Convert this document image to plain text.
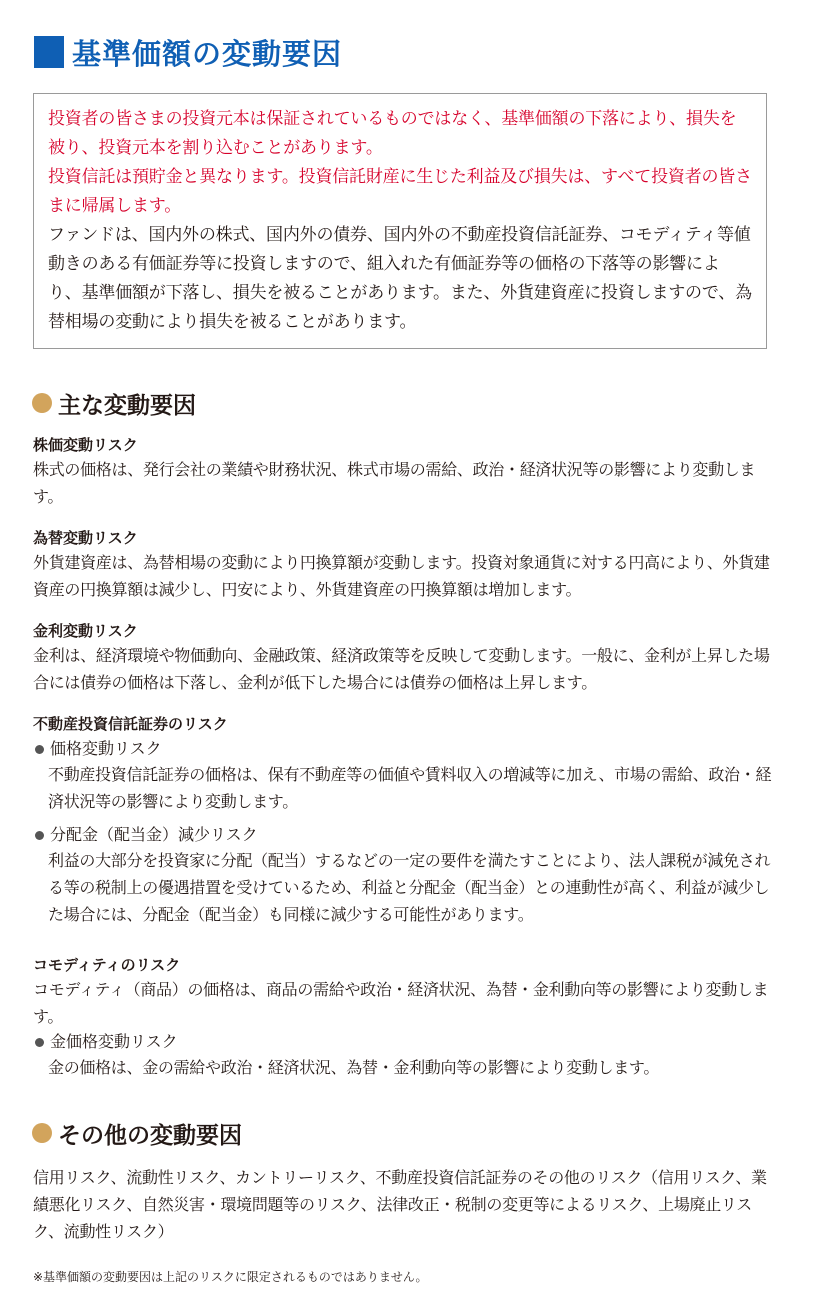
基準価額の変動要因

投資者の皆さまの投資元本は保証されているものではなく、基準価額の下落により、損失を被り、投資元本を割り込むことがあります。

投資信託は預貯金と異なります。投資信託財産に生じた利益及び損失は、すべて投資者の皆さまに帰属します。

ファンドは、国内外の株式、国内外の債券、国内外の不動産投資信託証券、コモディティ等値動きのある有価証券等に投資しますので、組入れた有価証券等の価格の下落等の影響により、基準価額が下落し、損失を被ることがあります。また、外貨建資産に投資しますので、為替相場の変動により損失を被ることがあります。

主な変動要因

株価変動リスク

株式の価格は、発行会社の業績や財務状況、株式市場の需給、政治・経済状況等の影響により変動します。

為替変動リスク

外貨建資産は、為替相場の変動により円換算額が変動します。投資対象通貨に対する円高により、外貨建資産の円換算額は減少し、円安により、外貨建資産の円換算額は増加します。

金利変動リスク

金利は、経済環境や物価動向、金融政策、経済政策等を反映して変動します。一般に、金利が上昇した場合には債券の価格は下落し、金利が低下した場合には債券の価格は上昇します。

不動産投資信託証券のリスク

価格変動リスク

不動産投資信託証券の価格は、保有不動産等の価値や賃料収入の増減等に加え、市場の需給、政治・経済状況等の影響により変動します。

分配金（配当金）減少リスク

利益の大部分を投資家に分配（配当）するなどの一定の要件を満たすことにより、法人課税が減免される等の税制上の優遇措置を受けているため、利益と分配金（配当金）との連動性が高く、利益が減少した場合には、分配金（配当金）も同様に減少する可能性があります。

コモディティのリスク

コモディティ（商品）の価格は、商品の需給や政治・経済状況、為替・金利動向等の影響により変動します。

金価格変動リスク

金の価格は、金の需給や政治・経済状況、為替・金利動向等の影響により変動します。

その他の変動要因

信用リスク、流動性リスク、カントリーリスク、不動産投資信託証券のその他のリスク（信用リスク、業績悪化リスク、自然災害・環境問題等のリスク、法律改正・税制の変更等によるリスク、上場廃止リスク、流動性リスク）

※基準価額の変動要因は上記のリスクに限定されるものではありません。
